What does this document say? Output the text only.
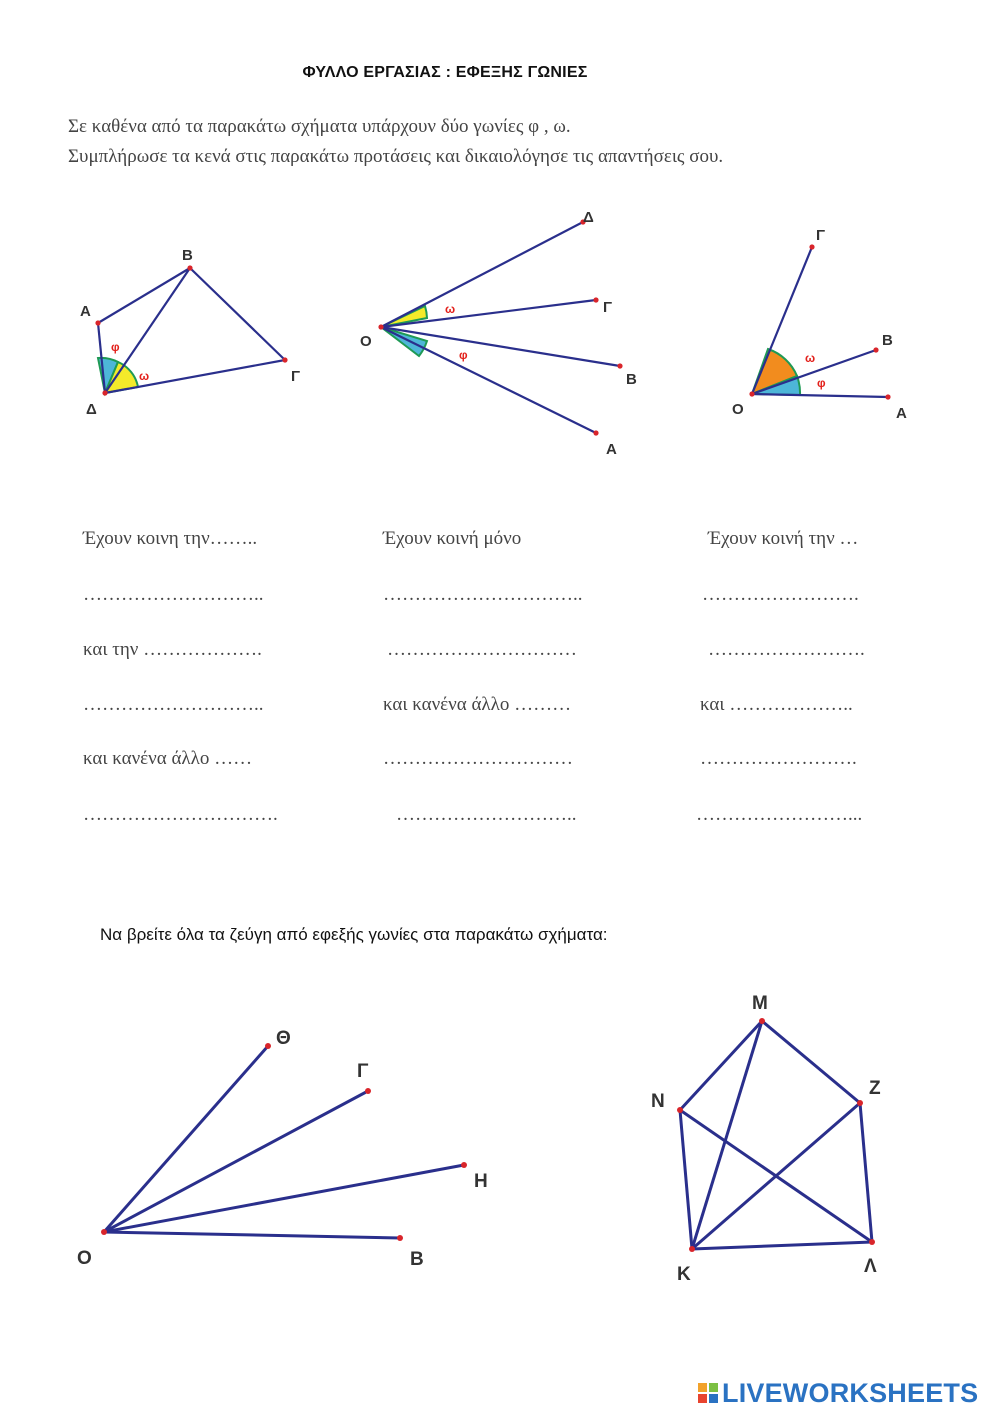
ΦΥΛΛΟ ΕΡΓΑΣΙΑΣ : ΕΦΕΞΗΣ ΓΩΝΙΕΣ
Σε καθένα από τα παρακάτω σχήματα υπάρχουν δύο γωνίες φ , ω.
Συμπλήρωσε τα κενά στις παρακάτω προτάσεις και δικαιολόγησε τις απαντήσεις σου.
Α
Β
Γ
Δ
φ
ω
Ο
Δ
Γ
Β
Α
ω
φ
Ο
Γ
Β
Α
ω
φ
Έχουν κοινη την……..
………………………..
και την ……………….
………………………..
και κανένα άλλο ……
………………………….
Έχουν κοινή μόνο
…………………………..
…………………………
και κανένα άλλο ………
…………………………
………………………..
Έχουν κοινή την …
…………………….
…………………….
και ………………..
…………………….
……………………...
Να βρείτε όλα τα ζεύγη από εφεξής γωνίες στα παρακάτω σχήματα:
Ο
Θ
Γ
Η
Β
Μ
Ν
Ζ
Κ	Λ
LIVEWORKSHEETS
